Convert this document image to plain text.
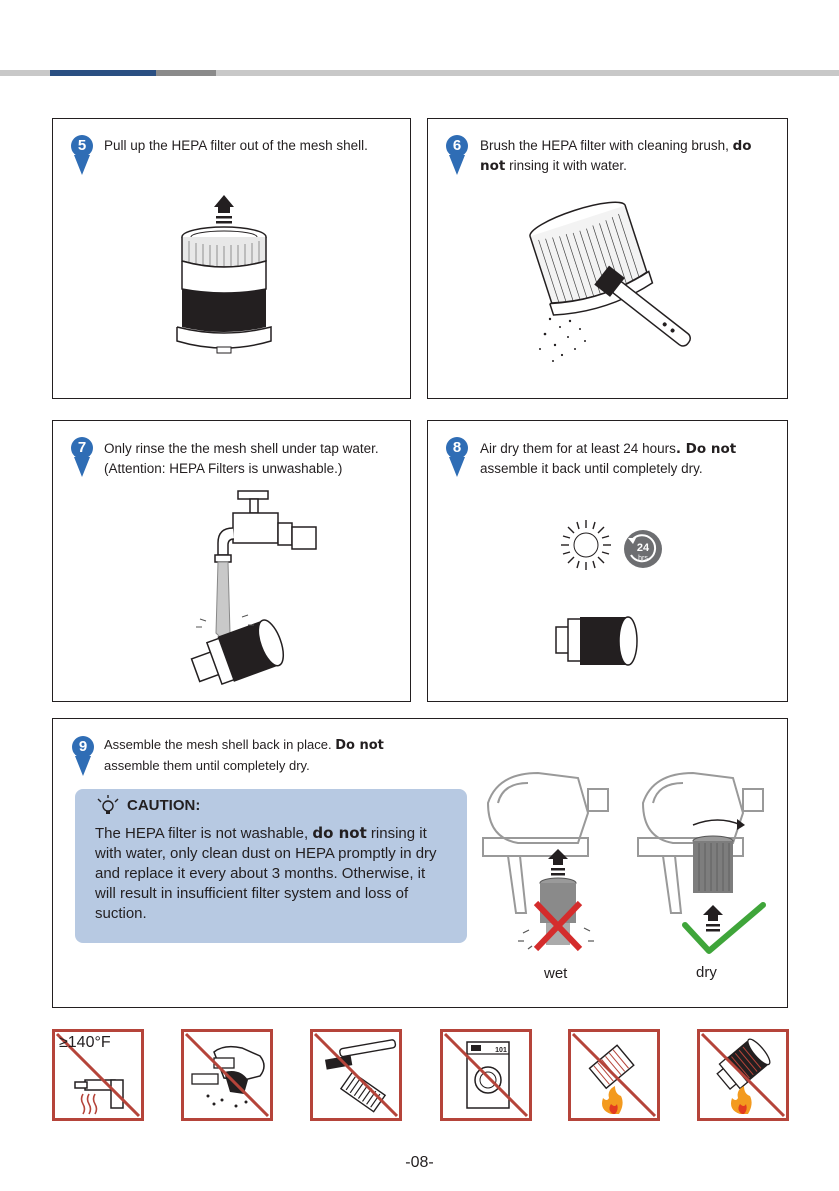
5	Pull up the HEPA filter out of the mesh shell.	6	Brush the HEPA filter with cleaning brush, do
not rinsing it with water.
7	Only rinse the the mesh shell under tap water.
(Attention: HEPA Filters is unwashable.)
8	Air dry them for at least 24 hours. Do not
assemble it back until completely dry.
24
hrs
9	Assemble the mesh shell back in place. Do not
assemble them until completely dry.
CAUTION:
The HEPA filter is not washable, do not rinsing it with water, only clean dust on HEPA promptly in dry and replace it every about 3 months. Otherwise, it will result in insufficient filter system and loss of suction.
wet	dry
≥140°F	101
-08-
